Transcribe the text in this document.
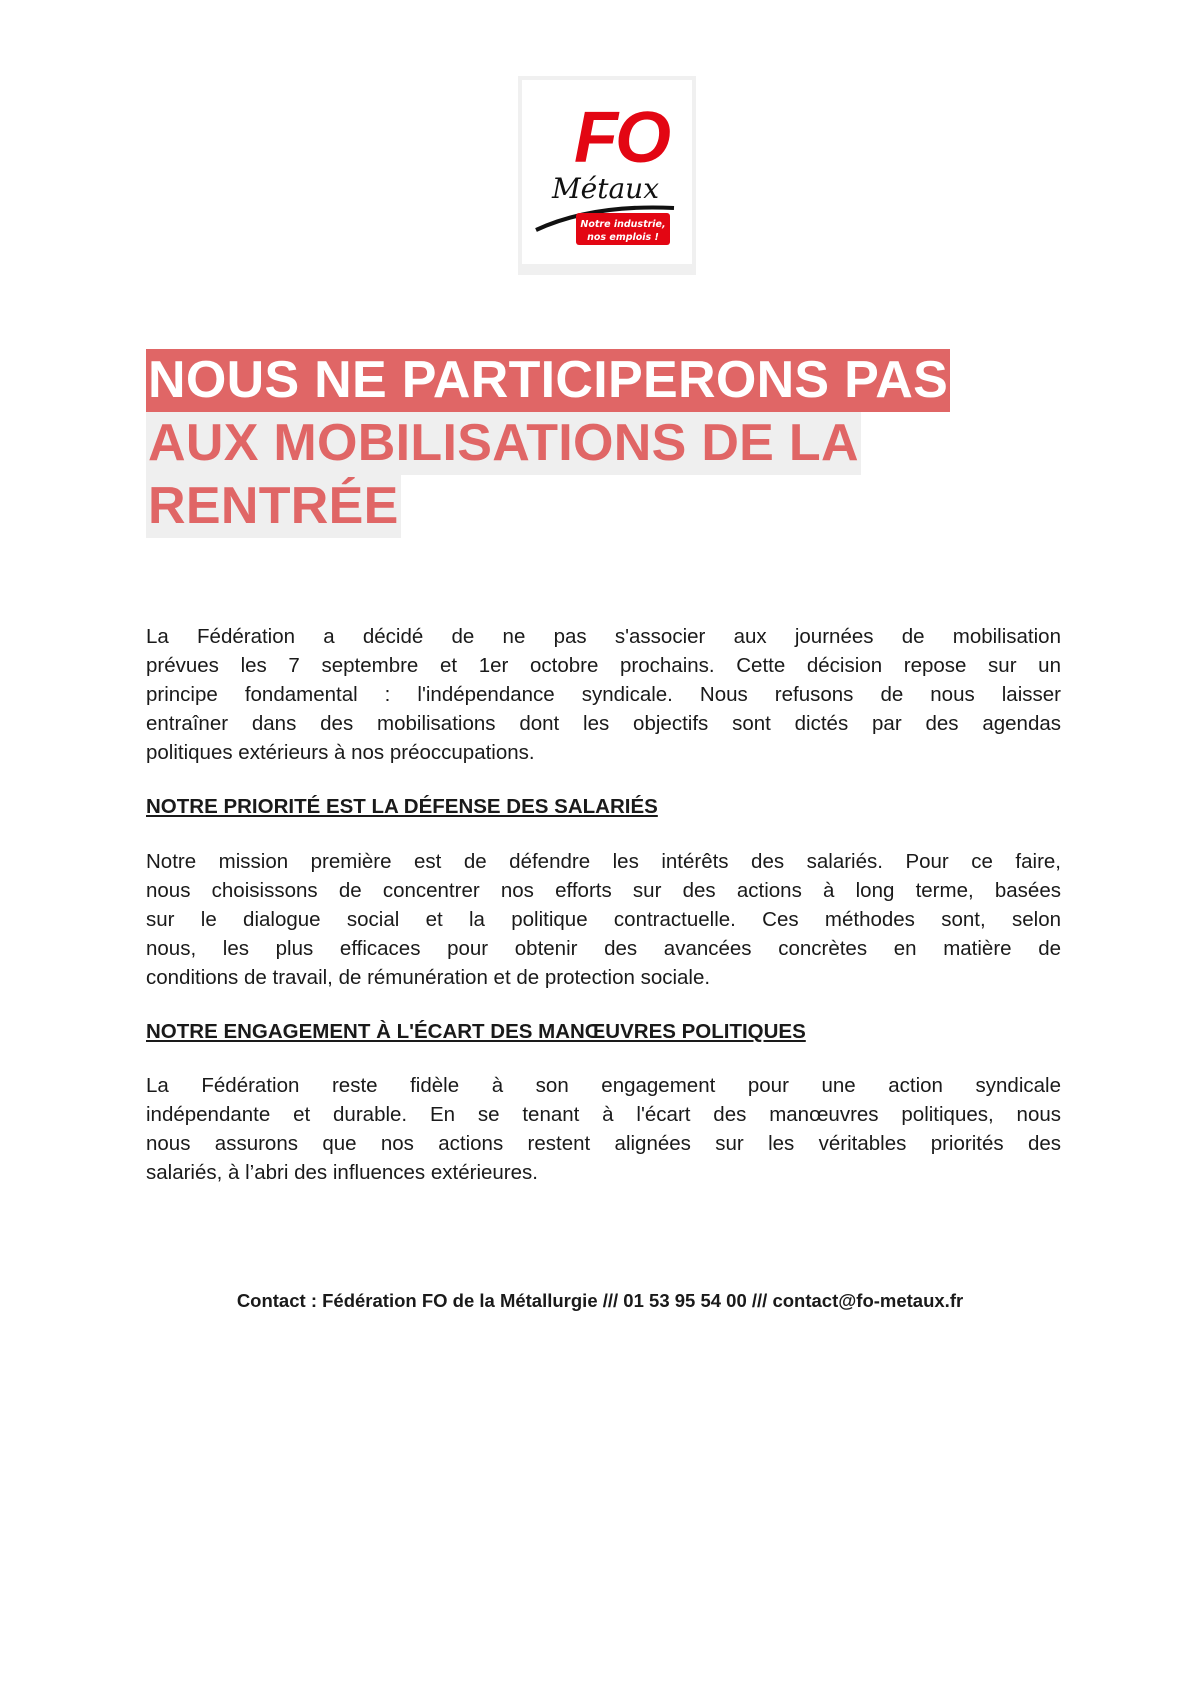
FO
Métaux
Notre industrie,
nos emplois !
NOUS NE PARTICIPERONS PAS
AUX MOBILISATIONS DE LA
RENTRÉE
La Fédération a décidé de ne pas s'associer aux journées de mobilisation
prévues les 7 septembre et 1er octobre prochains. Cette décision repose sur un
principe fondamental : l'indépendance syndicale. Nous refusons de nous laisser
entraîner dans des mobilisations dont les objectifs sont dictés par des agendas
politiques extérieurs à nos préoccupations.
NOTRE PRIORITÉ EST LA DÉFENSE DES SALARIÉS
Notre mission première est de défendre les intérêts des salariés. Pour ce faire,
nous choisissons de concentrer nos efforts sur des actions à long terme, basées
sur le dialogue social et la politique contractuelle. Ces méthodes sont, selon
nous, les plus efficaces pour obtenir des avancées concrètes en matière de
conditions de travail, de rémunération et de protection sociale.
NOTRE ENGAGEMENT À L'ÉCART DES MANŒUVRES POLITIQUES
La Fédération reste fidèle à son engagement pour une action syndicale
indépendante et durable. En se tenant à l'écart des manœuvres politiques, nous
nous assurons que nos actions restent alignées sur les véritables priorités des
salariés, à l’abri des influences extérieures.
Contact : Fédération FO de la Métallurgie /// 01 53 95 54 00 /// contact@fo-metaux.fr
